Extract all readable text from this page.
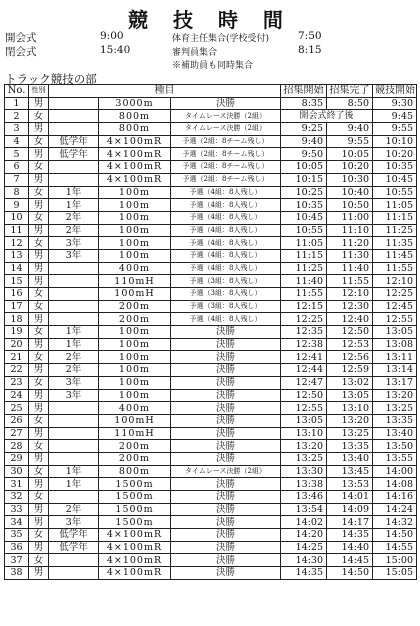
競 技 時 間
開会式	9:00
閉会式	15:40
体育主任集合(学校受付)	7:50
審判員集合	8:15
※補助員も同時集合
トラック競技の部
No.	性別	種目			招集開始	招集完了	競技開始
1	男		3000m	決勝	8:35	8:50	9:30
2	女		800m	タイムレース決勝（2組）	開会式終了後		9:45
3	男		800m	タイムレース決勝（2組）	9:25	9:40	9:55
4	女	低学年	4×100mR	予選（2組：8チーム残し）	9:40	9:55	10:10
5	男	低学年	4×100mR	予選（2組：8チーム残し）	9:50	10:05	10:20
6	女		4×100mR	予選（2組：8チーム残し）	10:05	10:20	10:35
7	男		4×100mR	予選（2組：8チーム残し）	10:15	10:30	10:45
8	女	1年	100m	予選（4組：8人残し）	10:25	10:40	10:55
9	男	1年	100m	予選（4組：8人残し）	10:35	10:50	11:05
10	女	2年	100m	予選（4組：8人残し）	10:45	11:00	11:15
11	男	2年	100m	予選（4組：8人残し）	10:55	11:10	11:25
12	女	3年	100m	予選（4組：8人残し）	11:05	11:20	11:35
13	男	3年	100m	予選（4組：8人残し）	11:15	11:30	11:45
14	男		400m	予選（4組：8人残し）	11:25	11:40	11:55
15	男		110mH	予選（3組：8人残し）	11:40	11:55	12:10
16	女		100mH	予選（3組：8人残し）	11:55	12:10	12:25
17	女		200m	予選（3組：8人残し）	12:15	12:30	12:45
18	男		200m	予選（4組：8人残し）	12:25	12:40	12:55
19	女	1年	100m	決勝	12:35	12:50	13:05
20	男	1年	100m	決勝	12:38	12:53	13:08
21	女	2年	100m	決勝	12:41	12:56	13:11
22	男	2年	100m	決勝	12:44	12:59	13:14
23	女	3年	100m	決勝	12:47	13:02	13:17
24	男	3年	100m	決勝	12:50	13:05	13:20
25	男		400m	決勝	12:55	13:10	13:25
26	女		100mH	決勝	13:05	13:20	13:35
27	男		110mH	決勝	13:10	13:25	13:40
28	女		200m	決勝	13:20	13:35	13:50
29	男		200m	決勝	13:25	13:40	13:55
30	女	1年	800m	タイムレース決勝（2組）	13:30	13:45	14:00
31	男	1年	1500m	決勝	13:38	13:53	14:08
32	女		1500m	決勝	13:46	14:01	14:16
33	男	2年	1500m	決勝	13:54	14:09	14:24
34	男	3年	1500m	決勝	14:02	14:17	14:32
35	女	低学年	4×100mR	決勝	14:20	14:35	14:50
36	男	低学年	4×100mR	決勝	14:25	14:40	14:55
37	女		4×100mR	決勝	14:30	14:45	15:00
38	男		4×100mR	決勝	14:35	14:50	15:05
